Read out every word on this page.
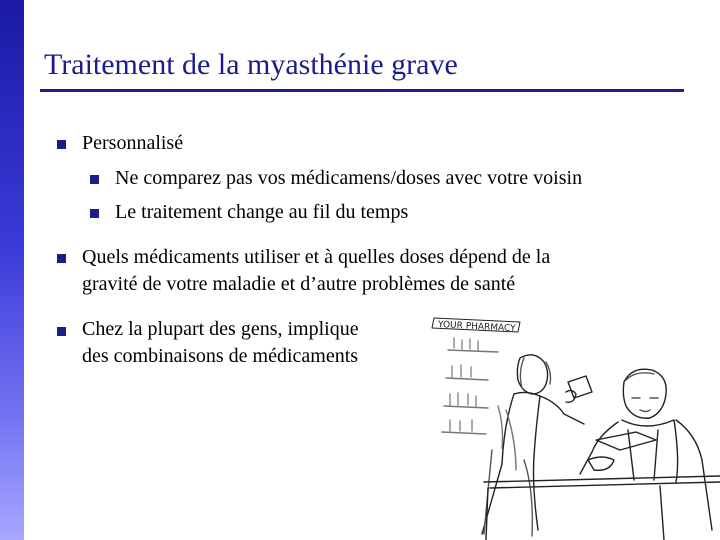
Traitement de la myasthénie grave
Personnalisé
Ne comparez pas vos médicamens/doses avec votre voisin
Le traitement change au fil du temps
Quels médicaments utiliser et à quelles doses dépend de la
gravité de votre maladie et d’autre problèmes de santé
Chez la plupart des gens, implique
des combinaisons de médicaments
YOUR PHARMACY
